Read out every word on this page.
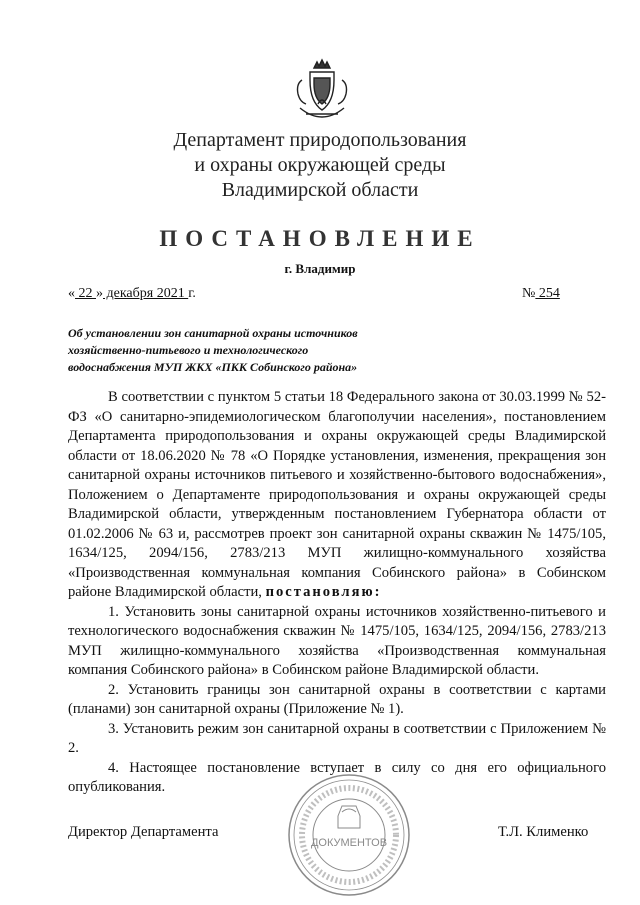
Департамент природопользования
и охраны окружающей среды
Владимирской области
ПОСТАНОВЛЕНИЕ
г. Владимир
« 22 » декабря 2021 г.	№ 254
Об установлении зон санитарной охраны источников
хозяйственно-питьевого и технологического
водоснабжения МУП ЖКХ «ПКК Собинского района»

В соответствии с пунктом 5 статьи 18 Федерального закона от 30.03.1999 № 52-ФЗ «О санитарно-эпидемиологическом благополучии населения», постановлением Департамента природопользования и охраны окружающей среды Владимирской области от 18.06.2020 № 78 «О Порядке установления, изменения, прекращения зон санитарной охраны источников питьевого и хозяйственно-бытового водоснабжения», Положением о Департаменте природопользования и охраны окружающей среды Владимирской области, утвержденным постановлением Губернатора области от 01.02.2006 № 63 и, рассмотрев проект зон санитарной охраны скважин № 1475/105, 1634/125, 2094/156, 2783/213 МУП жилищно-коммунального хозяйства «Производственная коммунальная компания Собинского района» в Собинском районе Владимирской области, постановляю:

1. Установить зоны санитарной охраны источников хозяйственно-питьевого и технологического водоснабжения скважин № 1475/105, 1634/125, 2094/156, 2783/213 МУП жилищно-коммунального хозяйства «Производственная коммунальная компания Собинского района» в Собинском районе Владимирской области.

2. Установить границы зон санитарной охраны в соответствии с картами (планами) зон санитарной охраны (Приложение № 1).

3. Установить режим зон санитарной охраны в соответствии с Приложением № 2.

4. Настоящее постановление вступает в силу со дня его официального опубликования.

ДОКУМЕНТОВ
Директор Департамента	Т.Л. Клименко
